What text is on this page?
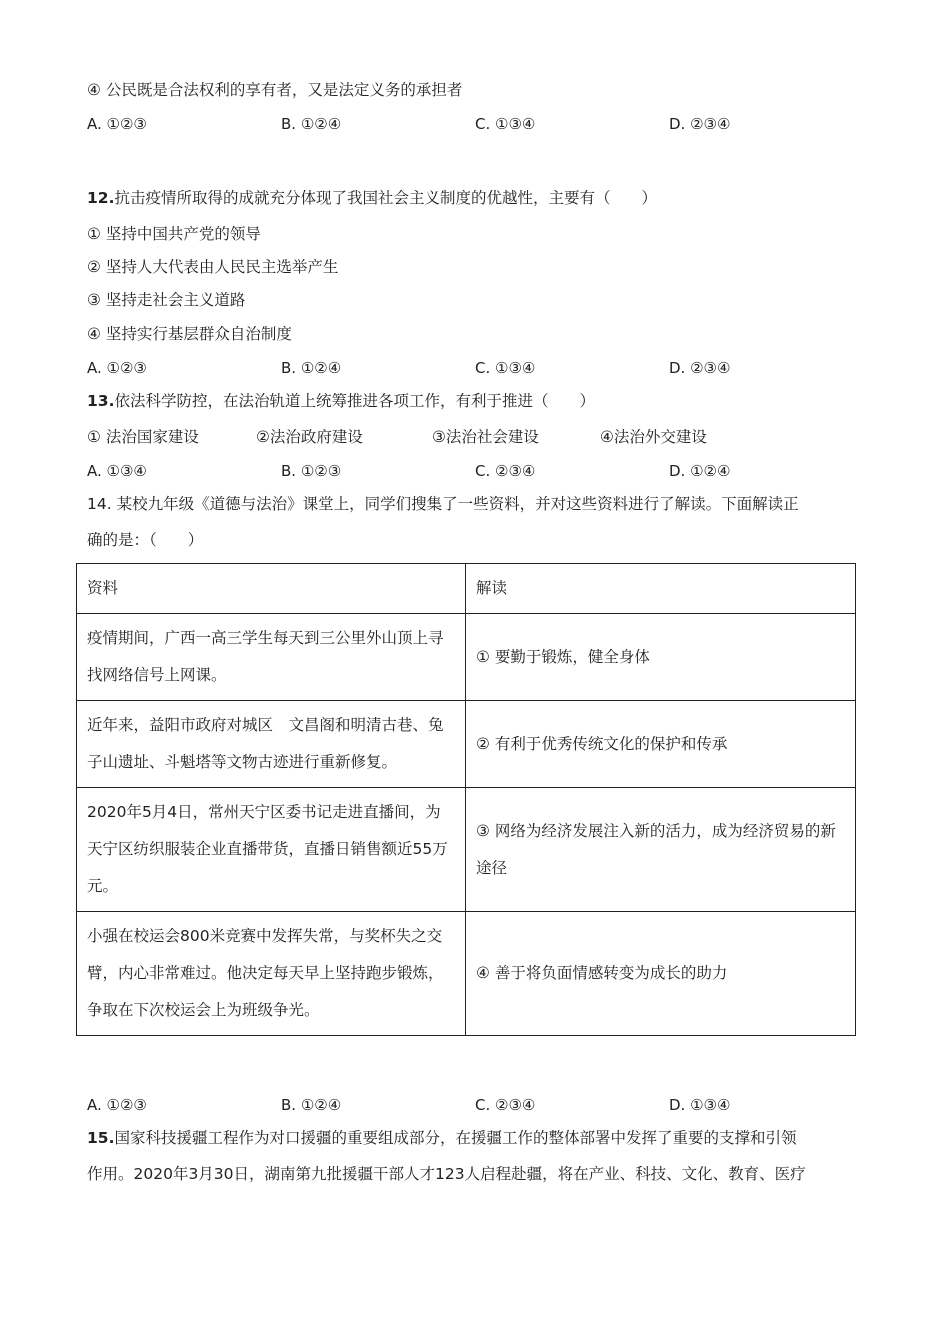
④ 公民既是合法权利的享有者，又是法定义务的承担者
A. ①②③	B. ①②④	C. ①③④	D. ②③④
12.抗击疫情所取得的成就充分体现了我国社会主义制度的优越性，主要有（　　）
① 坚持中国共产党的领导
② 坚持人大代表由人民民主选举产生
③ 坚持走社会主义道路
④ 坚持实行基层群众自治制度
A. ①②③	B. ①②④	C. ①③④	D. ②③④
13.依法科学防控，在法治轨道上统筹推进各项工作，有利于推进（　　）
① 法治国家建设	②法治政府建设	③法治社会建设	④法治外交建设
A. ①③④	B. ①②③	C. ②③④	D. ①②④
14. 某校九年级《道德与法治》课堂上，同学们搜集了一些资料，并对这些资料进行了解读。下面解读正
确的是：（　　）
资料	解读
疫情期间，广西一高三学生每天到三公里外山顶上寻找网络信号上网课。	① 要勤于锻炼，健全身体
近年来，益阳市政府对城区　文昌阁和明清古巷、兔子山遗址、斗魁塔等文物古迹进行重新修复。	② 有利于优秀传统文化的保护和传承
2020年5月4日，常州天宁区委书记走进直播间，为天宁区纺织服装企业直播带货，直播日销售额近55万元。	③ 网络为经济发展注入新的活力，成为经济贸易的新途径
小强在校运会800米竞赛中发挥失常，与奖杯失之交臂，内心非常难过。他决定每天早上坚持跑步锻炼，争取在下次校运会上为班级争光。	④ 善于将负面情感转变为成长的助力
A. ①②③	B. ①②④	C. ②③④	D. ①③④
15.国家科技援疆工程作为对口援疆的重要组成部分，在援疆工作的整体部署中发挥了重要的支撑和引领
作用。2020年3月30日，湖南第九批援疆干部人才123人启程赴疆，将在产业、科技、文化、教育、医疗
